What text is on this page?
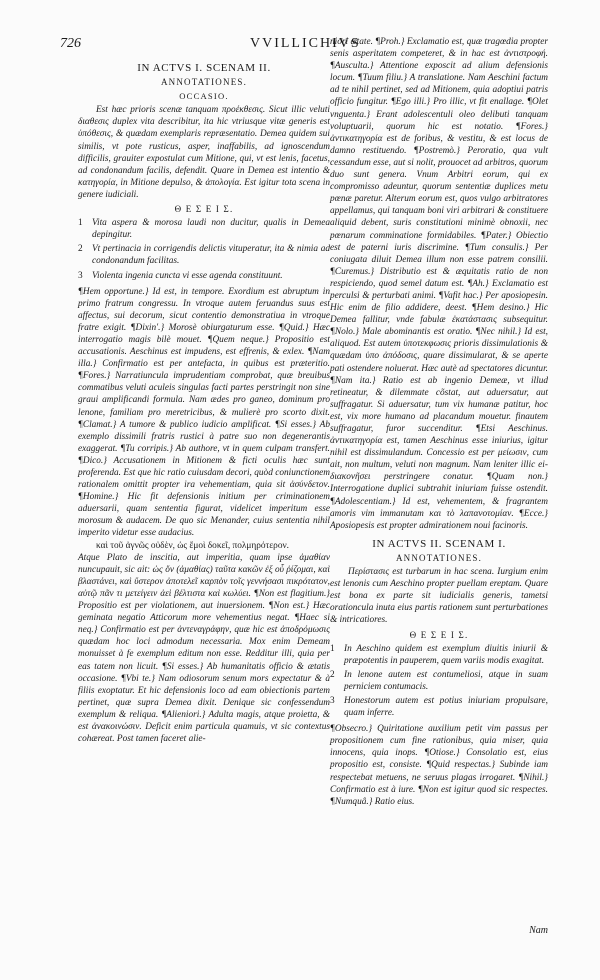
726	VVILLICHIVS
IN ACTVS I. SCENAM II.
ANNOTATIONES.
OCCASIO.

Est hæc prioris scenæ tanquam προέκθεσις. Sicut illic veluti διαθεσις duplex vita describitur, ita hic vtriusque vitæ generis est ὑπόθεσις, & quædam exemplaris repræsentatio. Demea quidem sui similis, vt pote rusticus, asper, inaffabilis, ad ignoscendum difficilis, grauiter expostulat cum Mitione, qui, vt est lenis, facetus, ad condonandum facilis, defendit. Quare in Demea est intentio & κατηγορία, in Mitione depulso, & ἀπολογία. Est igitur tota scena in genere iudiciali.

Θ Ε Σ Ε Ι Σ.
1	Vita aspera & morosa laudi non ducitur, qualis in Demea depingitur.
2	Vt pertinacia in corrigendis delictis vituperatur, ita & nimia ad condonandum facilitas.
3	Violenta ingenia cuncta vi esse agenda constituunt.

¶Hem opportune.} Id est, in tempore. Exordium est abruptum in primo fratrum congressu. In vtroque autem feruandus suus est affectus, sui decorum, sicut contentio demonstratiua in vtroque fratre exigit. ¶Dixin'.} Morosè obiurgaturum esse. ¶Quid.} Hæc interrogatio magis bilè mouet. ¶Quem neque.} Propositio est accusationis. Aeschinus est impudens, est effrenis, & exlex. ¶Nam illa.} Confirmatio est per antefacta, in quibus est præteritio. ¶Fores.} Narratiuncula imprudentiam comprobat, quæ breuibus commatibus veluti aculeis singulas facti partes perstringit non sine graui amplificandi formula. Nam ædes pro ganeo, dominum pro lenone, familiam pro meretricibus, & mulierè pro scorto dixit. ¶Clamat.} A tumore & publico iudicio amplificat. ¶Si esses.} Ab exemplo dissimili fratris rustici à patre suo non degenerantis exaggerat. ¶Tu corripis.} Ab authore, vt in quem culpam transfert. ¶Dico.} Accusationem in Mitionem & ficti oculis hæc sunt proferenda. Est que hic ratio cuiusdam decori, quòd coniunctionem rationalem omittit propter ira vehementiam, quia sit ἀσύνδετον. ¶Homine.} Hic fit defensionis initium per criminationem aduersarii, quam sententia figurat, videlicet imperitum esse morosum & audacem. De quo sic Menander, cuius sententia nihil imperito videtur esse audacius.

καὶ τοῦ ἀγνῶς οὐδὲν, ὡς ἔμοὶ δοκεῖ, πολμηρότερον.

Atque Plato de inscitia, aut imperitia, quam ipse ἀμαθίαν nuncupauit, sic ait: ὡς ὄν (ἀμαθίας) ταῦτα κακῶν ἐξ οὖ ῥίζομαι, καὶ βλαστάνει, καὶ ὕστερον ἀποτελεῖ καρπὸν τοῖς γεννήσασι πικρότατον, αὐτῷ πᾶν τι μετείγειν ἀεὶ βέλτιστα καὶ κωλύει. ¶Non est flagitium.} Propositio est per violationem, aut inuersionem. ¶Non est.} Hæc geminata negatio Atticorum more vehementius negat. ¶Haec si neq.} Confirmatio est per ἀντεναγράφην, quæ hic est ἀποδρόμωσις quædam hoc loci admodum necessaria. Mox enim Demeam monuisset à fe exemplum editum non esse. Redditur illi, quia per eas tatem non licuit. ¶Si esses.} Ab humanitatis officio & ætatis occasione. ¶Vbi te.} Nam odiosorum senum mors expectatur & à filiis exoptatur. Et hic defensionis loco ad eam obiectionis partem pertinet, quæ supra Demea dixit. Denique sic confessendum exemplum & reliqua. ¶Alieniori.} Adulta magis, atque proietta, & est ἀνακοινώσιν. Deficit enim particula quamuis, vt sic contextus cohæreat. Post tamen faceret alie-

niori ætate. ¶Proh.} Exclamatio est, quæ tragœdia propter senis asperitatem competeret, & in hac est ἀντιστροφή. ¶Ausculta.} Attentione exposcit ad alium defensionis locum. ¶Tuum filiu.} A translatione. Nam Aeschini factum ad te nihil pertinet, sed ad Mitionem, quia adoptiui patris officio fungitur. ¶Ego illi.} Pro illic, vt fit enallage. ¶Olet vnguenta.} Erant adolescentuli oleo delibuti tanquam voluptuarii, quorum hic est notatio. ¶Fores.} ἀντικατηγορία est de foribus, & vestitu, & est locus de damno restituendo. ¶Postremò.} Peroratio, qua vult cessandum esse, aut si nolit, prouocet ad arbitros, quorum duo sunt genera. Vnum Arbitri eorum, qui ex compromisso adeuntur, quorum sententiæ duplices metu pœnæ paretur. Alterum eorum est, quos vulgo arbitratores appellamus, qui tanquam boni viri arbitrari & constituere aliquid debent, suris constitutioni minimè obnoxii, nec pœnarum comminatione formidabiles. ¶Pater.} Obiectio est de paterni iuris discrimine. ¶Tum consulis.} Per coniugata diluit Demea illum non esse patrem consilii. ¶Curemus.} Distributio est & æquitatis ratio de non respiciendo, quod semel datum est. ¶Ah.} Exclamatio est perculsi & perturbati animi. ¶Vafit hac.} Per aposiopesin. Hic enim de filio addidere, deest. ¶Hem desino.} Hic Demea fallitur, vnde fabulæ ἐκατάστασις subsequitur. ¶Nolo.} Male abominantis est oratio. ¶Nec nihil.} Id est, aliquod. Est autem ὑποτεκφωσις prioris dissimulationis & quædam ὑπο ἀπόδοσις, quare dissimularat, & se aperte pati ostendere noluerat. Hæc autè ad spectatores dicuntur. ¶Nam ita.} Ratio est ab ingenio Demeæ, vt illud retineatur, & dilemmate cõstat, aut aduersatur, aut suffragatur. Si aduersatur, tum vix humanæ patitur, hoc est, vix more humano ad placandum mouetur. finautem suffragatur, furor succenditur. ¶Etsi Aeschinus. ἀντικατηγορία est, tamen Aeschinus esse iniurius, igitur nihil est dissimulandum. Concessio est per μείωσιν, cum ait, non multum, veluti non magnum. Nam leniter illic ei- διακονῆσει perstringere conatur. ¶Quam non.} Interrogatione duplici subtrahit iniuriam fuisse ostendit. ¶Adolescentiam.} Id est, vehementem, & fragrantem amoris vim immanutam και τὸ λαπανοτομίαν. ¶Ecce.} Aposiopesis est propter admirationem noui facinoris.

IN ACTVS II. SCENAM I.
ANNOTATIONES.

Περίστασις est turbarum in hac scena. Iurgium enim est lenonis cum Aeschino propter puellam ereptam. Quare est bona ex parte sit iudicialis generis, tametsi orationcula inuta eius partis rationem sunt perturbationes & intricatiores.

Θ Ε Σ Ε Ι Σ.
1	In Aeschino quidem est exemplum diuitis iniurii & præpotentis in pauperem, quem variis modis exagitat.
2	In lenone autem est contumeliosi, atque in suam perniciem contumacis.
3	Honestorum autem est potius iniuriam propulsare, quam inferre.

¶Obsecro.} Quiritatione auxilium petit vim passus per propositionem cum fine rationibus, quia miser, quia innocens, quia inops. ¶Otiose.} Consolatio est, eius propositio est, consiste. ¶Quid respectas.} Subinde iam respectebat metuens, ne seruus plagas irrogaret. ¶Nihil.} Confirmatio est à iure. ¶Non est igitur quod sic respectes. ¶Numquâ.} Ratio eius.

Nam
